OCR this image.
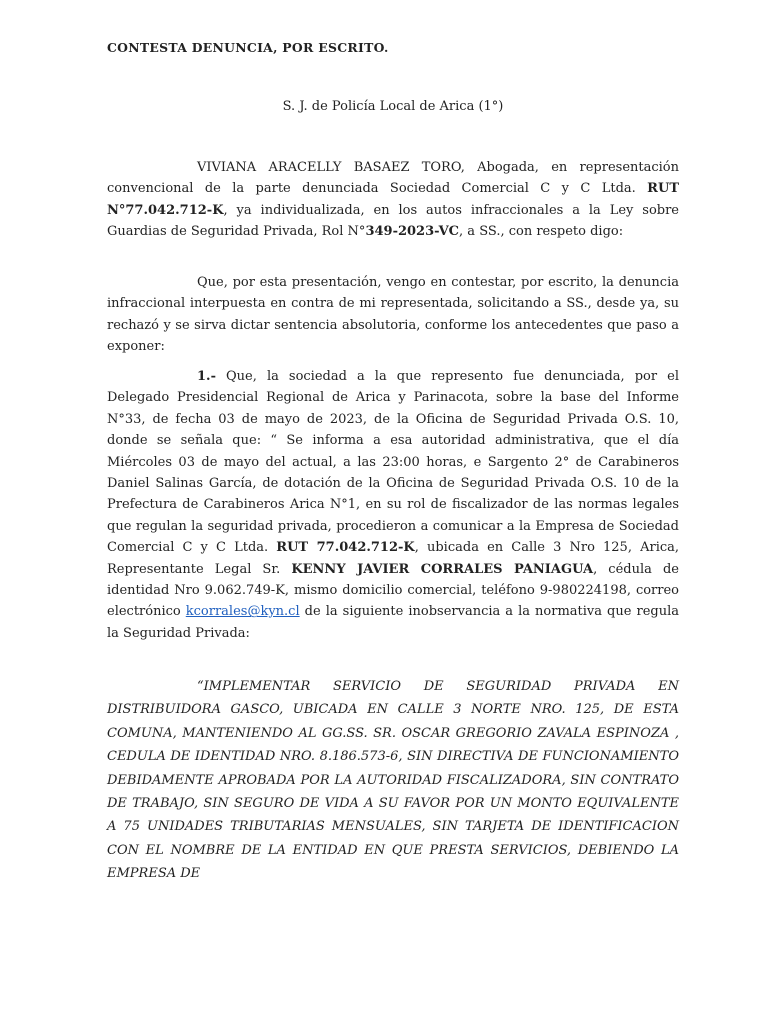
CONTESTA DENUNCIA, POR ESCRITO.
S. J. de Policía Local de Arica (1°)

VIVIANA ARACELLY BASAEZ TORO, Abogada, en representación convencional de la parte denunciada Sociedad Comercial C y C Ltda. RUT N°77.042.712-K, ya individualizada, en los autos infraccionales a la Ley sobre Guardias de Seguridad Privada, Rol N°349-2023-VC, a SS., con respeto digo:

Que, por esta presentación, vengo en contestar, por escrito, la denuncia infraccional interpuesta en contra de mi representada, solicitando a SS., desde ya, su rechazó y se sirva dictar sentencia absolutoria, conforme los antecedentes que paso a exponer:

1.- Que, la sociedad a la que represento fue denunciada, por el Delegado Presidencial Regional de Arica y Parinacota, sobre la base del Informe N°33, de fecha 03 de mayo de 2023, de la Oficina de Seguridad Privada O.S. 10, donde se señala que: “ Se informa a esa autoridad administrativa, que el día Miércoles 03 de mayo del actual, a las 23:00 horas, e Sargento 2° de Carabineros Daniel Salinas García, de dotación de la Oficina de Seguridad Privada O.S. 10 de la Prefectura de Carabineros Arica N°1, en su rol de fiscalizador de las normas legales que regulan la seguridad privada, procedieron a comunicar a la Empresa de Sociedad Comercial C y C Ltda. RUT 77.042.712-K, ubicada en Calle 3 Nro 125, Arica, Representante Legal Sr. KENNY JAVIER CORRALES PANIAGUA, cédula de identidad Nro 9.062.749-K, mismo domicilio comercial, teléfono 9-980224198, correo electrónico kcorrales@kyn.cl de la siguiente inobservancia a la normativa que regula la Seguridad Privada:

“IMPLEMENTAR SERVICIO DE SEGURIDAD PRIVADA EN DISTRIBUIDORA GASCO, UBICADA EN CALLE 3 NORTE NRO. 125, DE ESTA COMUNA, MANTENIENDO AL GG.SS. SR. OSCAR GREGORIO ZAVALA ESPINOZA , CEDULA DE IDENTIDAD NRO. 8.186.573-6, SIN DIRECTIVA DE FUNCIONAMIENTO DEBIDAMENTE APROBADA POR LA AUTORIDAD FISCALIZADORA, SIN CONTRATO DE TRABAJO, SIN SEGURO DE VIDA A SU FAVOR POR UN MONTO EQUIVALENTE A 75 UNIDADES TRIBUTARIAS MENSUALES, SIN TARJETA DE IDENTIFICACION CON EL NOMBRE DE LA ENTIDAD EN QUE PRESTA SERVICIOS, DEBIENDO LA EMPRESA DE
